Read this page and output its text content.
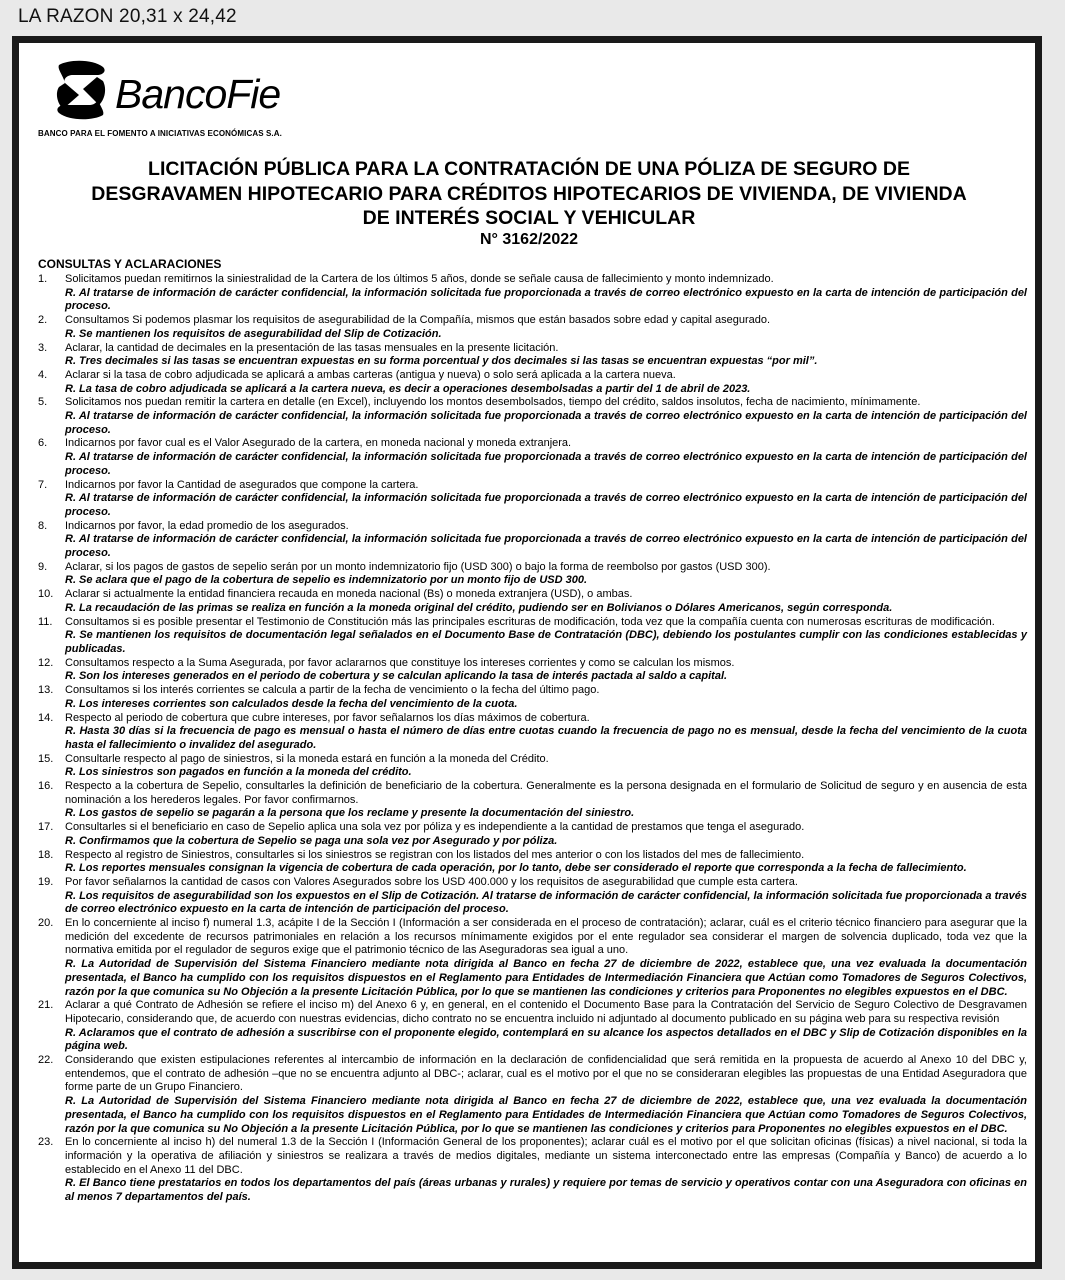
LA RAZON 20,31 x 24,42
BancoFie
BANCO PARA EL FOMENTO A INICIATIVAS ECONÓMICAS S.A.
LICITACIÓN PÚBLICA PARA LA CONTRATACIÓN DE UNA PÓLIZA DE SEGURO DE DESGRAVAMEN HIPOTECARIO PARA CRÉDITOS HIPOTECARIOS DE VIVIENDA, DE VIVIENDA DE INTERÉS SOCIAL Y VEHICULAR
N° 3162/2022
CONSULTAS Y ACLARACIONES
1. Solicitamos puedan remitirnos la siniestralidad de la Cartera de los últimos 5 años, donde se señale causa de fallecimiento y monto indemnizado.
R. Al tratarse de información de carácter confidencial, la información solicitada fue proporcionada a través de correo electrónico expuesto en la carta de intención de participación del proceso.
2. Consultamos Si podemos plasmar los requisitos de asegurabilidad de la Compañía, mismos que están basados sobre edad y capital asegurado.
R. Se mantienen los requisitos de asegurabilidad del Slip de Cotización.
3. Aclarar, la cantidad de decimales en la presentación de las tasas mensuales en la presente licitación.
R. Tres decimales si las tasas se encuentran expuestas en su forma porcentual y dos decimales si las tasas se encuentran expuestas “por mil”.
4. Aclarar si la tasa de cobro adjudicada se aplicará a ambas carteras (antigua y nueva) o solo será aplicada a la cartera nueva.
R. La tasa de cobro adjudicada se aplicará a la cartera nueva, es decir a operaciones desembolsadas a partir del 1 de abril de 2023.
5. Solicitamos nos puedan remitir la cartera en detalle (en Excel), incluyendo los montos desembolsados, tiempo del crédito, saldos insolutos, fecha de nacimiento, mínimamente.
R. Al tratarse de información de carácter confidencial, la información solicitada fue proporcionada a través de correo electrónico expuesto en la carta de intención de participación del proceso.
6. Indicarnos por favor cual es el Valor Asegurado de la cartera, en moneda nacional y moneda extranjera.
R. Al tratarse de información de carácter confidencial, la información solicitada fue proporcionada a través de correo electrónico expuesto en la carta de intención de participación del proceso.
7. Indicarnos por favor la Cantidad de asegurados que compone la cartera.
R. Al tratarse de información de carácter confidencial, la información solicitada fue proporcionada a través de correo electrónico expuesto en la carta de intención de participación del proceso.
8. Indicarnos por favor, la edad promedio de los asegurados.
R. Al tratarse de información de carácter confidencial, la información solicitada fue proporcionada a través de correo electrónico expuesto en la carta de intención de participación del proceso.
9. Aclarar, si los pagos de gastos de sepelio serán por un monto indemnizatorio fijo (USD 300) o bajo la forma de reembolso por gastos (USD 300).
R. Se aclara que el pago de la cobertura de sepelio es indemnizatorio por un monto fijo de USD 300.
10. Aclarar si actualmente la entidad financiera recauda en moneda nacional (Bs) o moneda extranjera (USD), o ambas.
R. La recaudación de las primas se realiza en función a la moneda original del crédito, pudiendo ser en Bolivianos o Dólares Americanos, según corresponda.
11. Consultamos si es posible presentar el Testimonio de Constitución más las principales escrituras de modificación, toda vez que la compañía cuenta con numerosas escrituras de modificación.
R. Se mantienen los requisitos de documentación legal señalados en el Documento Base de Contratación (DBC), debiendo los postulantes cumplir con las condiciones establecidas y publicadas.
12. Consultamos respecto a la Suma Asegurada, por favor aclararnos que constituye los intereses corrientes y como se calculan los mismos.
R. Son los intereses generados en el periodo de cobertura y se calculan aplicando la tasa de interés pactada al saldo a capital.
13. Consultamos si los interés corrientes se calcula a partir de la fecha de vencimiento o la fecha del último pago.
R. Los intereses corrientes son calculados desde la fecha del vencimiento de la cuota.
14. Respecto al periodo de cobertura que cubre intereses, por favor señalarnos los días máximos de cobertura.
R. Hasta 30 días si la frecuencia de pago es mensual o hasta el número de días entre cuotas cuando la frecuencia de pago no es mensual, desde la fecha del vencimiento de la cuota hasta el fallecimiento o invalidez del asegurado.
15. Consultarle respecto al pago de siniestros, si la moneda estará en función a la moneda del Crédito.
R. Los siniestros son pagados en función a la moneda del crédito.
16. Respecto a la cobertura de Sepelio, consultarles la definición de beneficiario de la cobertura. Generalmente es la persona designada en el formulario de Solicitud de seguro y en ausencia de esta nominación a los herederos legales. Por favor confirmarnos.
R. Los gastos de sepelio se pagarán a la persona que los reclame y presente la documentación del siniestro.
17. Consultarles si el beneficiario en caso de Sepelio aplica una sola vez por póliza y es independiente a la cantidad de prestamos que tenga el asegurado.
R. Confirmamos que la cobertura de Sepelio se paga una sola vez por Asegurado y por póliza.
18. Respecto al registro de Siniestros, consultarles si los siniestros se registran con los listados del mes anterior o con los listados del mes de fallecimiento.
R. Los reportes mensuales consignan la vigencia de cobertura de cada operación, por lo tanto, debe ser considerado el reporte que corresponda a la fecha de fallecimiento.
19. Por favor señalarnos la cantidad de casos con Valores Asegurados sobre los USD 400.000 y los requisitos de asegurabilidad que cumple esta cartera.
R. Los requisitos de asegurabilidad son los expuestos en el Slip de Cotización. Al tratarse de información de carácter confidencial, la información solicitada fue proporcionada a través de correo electrónico expuesto en la carta de intención de participación del proceso.
20. En lo concerniente al inciso f) numeral 1.3, acápite I de la Sección I (Información a ser considerada en el proceso de contratación); aclarar, cuál es el criterio técnico financiero para asegurar que la medición del excedente de recursos patrimoniales en relación a los recursos mínimamente exigidos por el ente regulador sea considerar el margen de solvencia duplicado, toda vez que la normativa emitida por el regulador de seguros exige que el patrimonio técnico de las Aseguradoras sea igual a uno.
R. La Autoridad de Supervisión del Sistema Financiero mediante nota dirigida al Banco en fecha 27 de diciembre de 2022, establece que, una vez evaluada la documentación presentada, el Banco ha cumplido con los requisitos dispuestos en el Reglamento para Entidades de Intermediación Financiera que Actúan como Tomadores de Seguros Colectivos, razón por la que comunica su No Objeción a la presente Licitación Pública, por lo que se mantienen las condiciones y criterios para Proponentes no elegibles expuestos en el DBC.
21. Aclarar a qué Contrato de Adhesión se refiere el inciso m) del Anexo 6 y, en general, en el contenido el Documento Base para la Contratación del Servicio de Seguro Colectivo de Desgravamen Hipotecario, considerando que, de acuerdo con nuestras evidencias, dicho contrato no se encuentra incluido ni adjuntado al documento publicado en su página web para su respectiva revisión
R. Aclaramos que el contrato de adhesión a suscribirse con el proponente elegido, contemplará en su alcance los aspectos detallados en el DBC y Slip de Cotización disponibles en la página web.
22. Considerando que existen estipulaciones referentes al intercambio de información en la declaración de confidencialidad que será remitida en la propuesta de acuerdo al Anexo 10 del DBC y, entendemos, que el contrato de adhesión –que no se encuentra adjunto al DBC-; aclarar, cual es el motivo por el que no se consideraran elegibles las propuestas de una Entidad Aseguradora que forme parte de un Grupo Financiero.
R. La Autoridad de Supervisión del Sistema Financiero mediante nota dirigida al Banco en fecha 27 de diciembre de 2022, establece que, una vez evaluada la documentación presentada, el Banco ha cumplido con los requisitos dispuestos en el Reglamento para Entidades de Intermediación Financiera que Actúan como Tomadores de Seguros Colectivos, razón por la que comunica su No Objeción a la presente Licitación Pública, por lo que se mantienen las condiciones y criterios para Proponentes no elegibles expuestos en el DBC.
23. En lo concerniente al inciso h) del numeral 1.3 de la Sección I (Información General de los proponentes); aclarar cuál es el motivo por el que solicitan oficinas (físicas) a nivel nacional, si toda la información y la operativa de afiliación y siniestros se realizara a través de medios digitales, mediante un sistema interconectado entre las empresas (Compañía y Banco) de acuerdo a lo establecido en el Anexo 11 del DBC.
R. El Banco tiene prestatarios en todos los departamentos del país (áreas urbanas y rurales) y requiere por temas de servicio y operativos contar con una Aseguradora con oficinas en al menos 7 departamentos del país.
